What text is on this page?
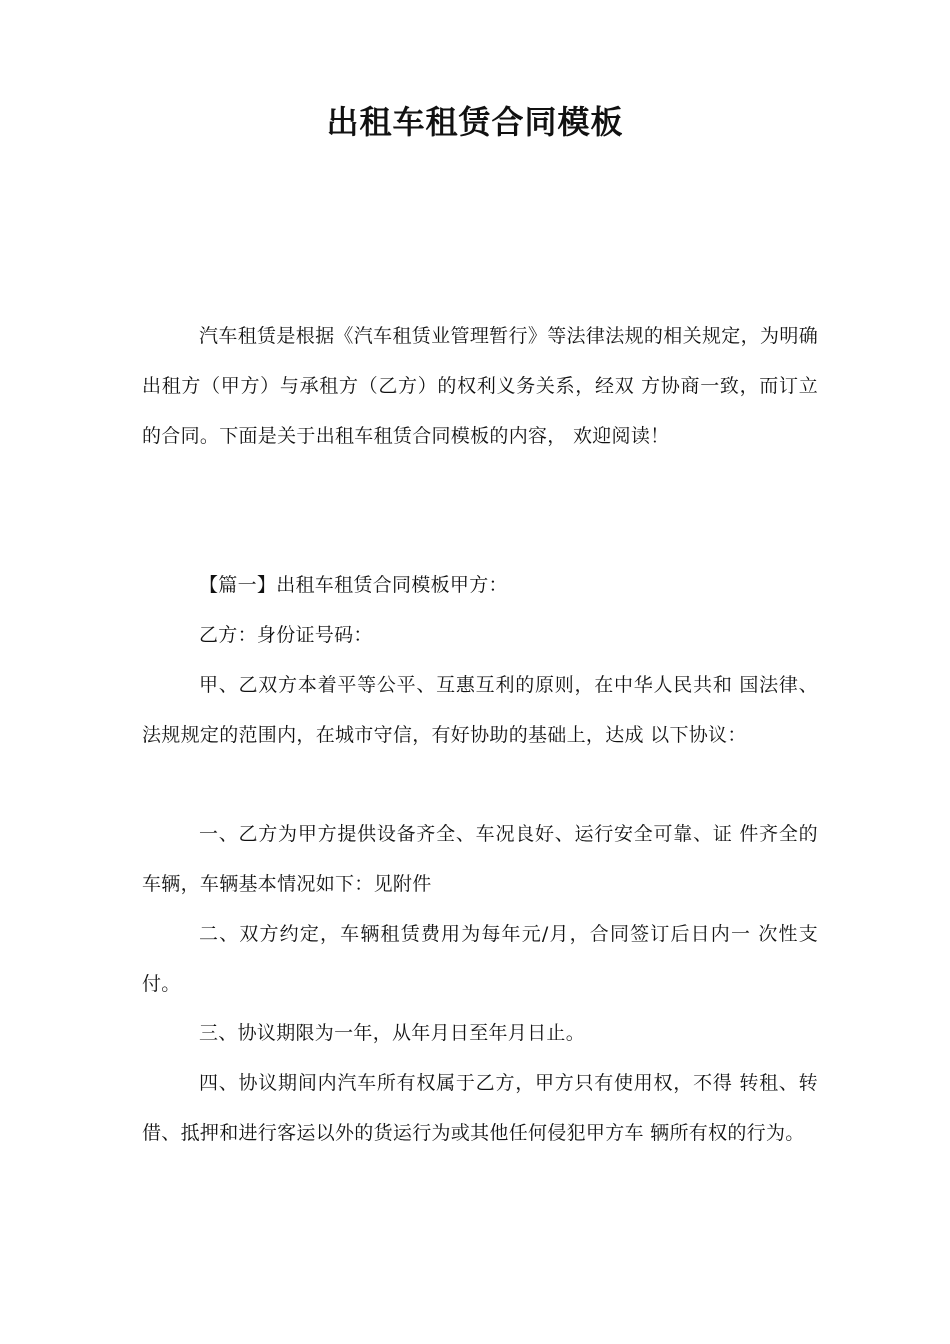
出租车租赁合同模板

汽车租赁是根据《汽车租赁业管理暂行》等法律法规的相关规定，为明确出租方（甲方）与承租方（乙方）的权利义务关系，经双 方协商一致，而订立的合同。下面是关于出租车租赁合同模板的内容， 欢迎阅读！

【篇一】出租车租赁合同模板甲方：

乙方：身份证号码：

甲、乙双方本着平等公平、互惠互利的原则，在中华人民共和 国法律、法规规定的范围内，在城市守信，有好协助的基础上，达成 以下协议：

一、乙方为甲方提供设备齐全、车况良好、运行安全可靠、证 件齐全的车辆，车辆基本情况如下：见附件

二、双方约定，车辆租赁费用为每年元/月，合同签订后日内一 次性支付。

三、协议期限为一年，从年月日至年月日止。

四、协议期间内汽车所有权属于乙方，甲方只有使用权，不得 转租、转借、抵押和进行客运以外的货运行为或其他任何侵犯甲方车 辆所有权的行为。
